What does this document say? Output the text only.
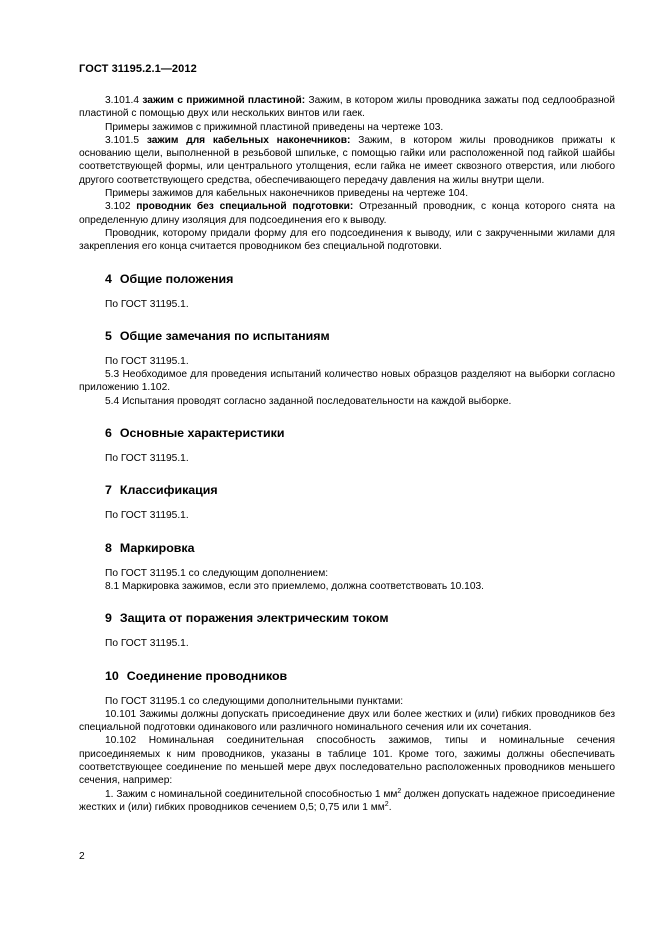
ГОСТ 31195.2.1—2012

3.101.4 зажим с прижимной пластиной: Зажим, в котором жилы проводника зажаты под седлообразной пластиной с помощью двух или нескольких винтов или гаек.

Примеры зажимов с прижимной пластиной приведены на чертеже 103.

3.101.5 зажим для кабельных наконечников: Зажим, в котором жилы проводников прижаты к основанию щели, выполненной в резьбовой шпильке, с помощью гайки или расположенной под гайкой шайбы соответствующей формы, или центрального утолщения, если гайка не имеет сквозного отверстия, или любого другого соответствующего средства, обеспечивающего передачу давления на жилы внутри щели.

Примеры зажимов для кабельных наконечников приведены на чертеже 104.

3.102 проводник без специальной подготовки: Отрезанный проводник, с конца которого снята на определенную длину изоляция для подсоединения его к выводу.

Проводник, которому придали форму для его подсоединения к выводу, или с закрученными жилами для закрепления его конца считается проводником без специальной подготовки.

4 Общие положения

По ГОСТ 31195.1.

5 Общие замечания по испытаниям

По ГОСТ 31195.1.

5.3 Необходимое для проведения испытаний количество новых образцов разделяют на выборки согласно приложению 1.102.

5.4 Испытания проводят согласно заданной последовательности на каждой выборке.

6 Основные характеристики

По ГОСТ 31195.1.

7 Классификация

По ГОСТ 31195.1.

8 Маркировка

По ГОСТ 31195.1 со следующим дополнением:

8.1 Маркировка зажимов, если это приемлемо, должна соответствовать 10.103.

9 Защита от поражения электрическим током

По ГОСТ 31195.1.

10 Соединение проводников

По ГОСТ 31195.1 со следующими дополнительными пунктами:

10.101 Зажимы должны допускать присоединение двух или более жестких и (или) гибких проводников без специальной подготовки одинакового или различного номинального сечения или их сочетания.

10.102 Номинальная соединительная способность зажимов, типы и номинальные сечения присоединяемых к ним проводников, указаны в таблице 101. Кроме того, зажимы должны обеспечивать соответствующее соединение по меньшей мере двух последовательно расположенных проводников меньшего сечения, например:

1. Зажим с номинальной соединительной способностью 1 $мм^2$ должен допускать надежное присоединение жестких и (или) гибких проводников сечением 0,5; 0,75 или 1 $мм^2$.

2
